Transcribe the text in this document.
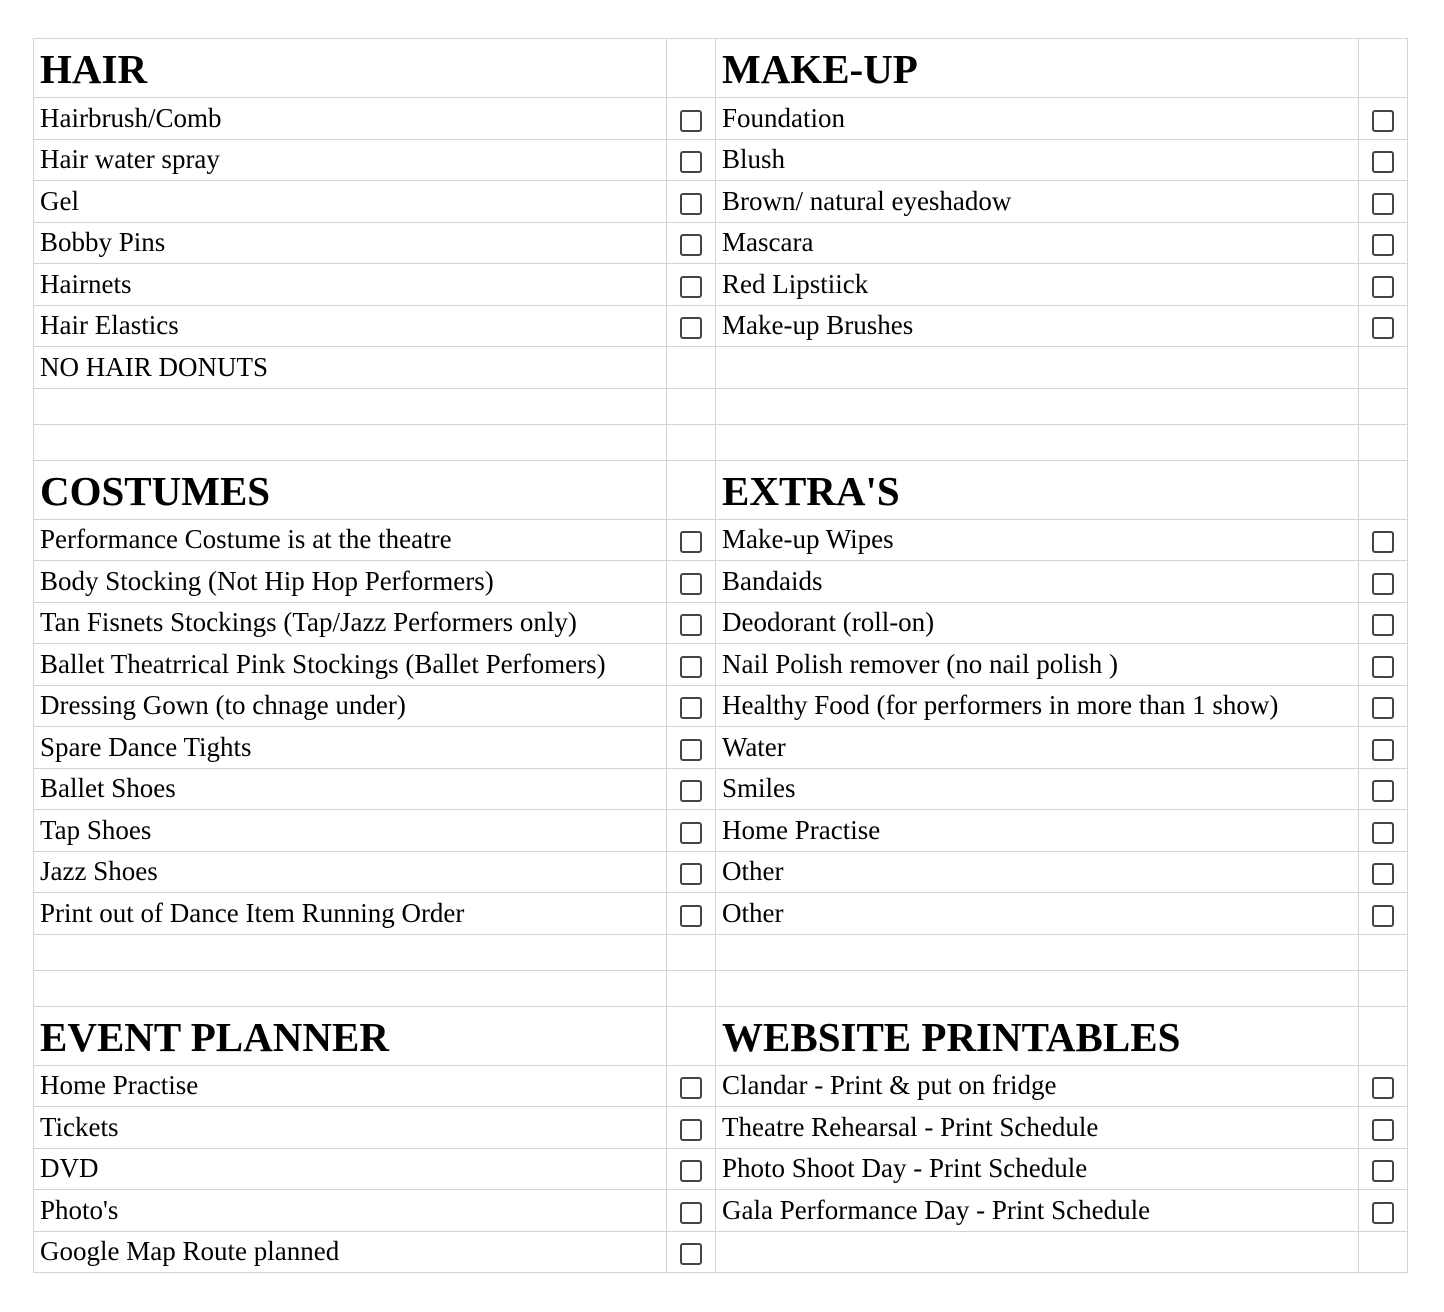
HAIR		MAKE-UP	
Hairbrush/Comb		Foundation	
Hair water spray		Blush	
Gel		Brown/ natural eyeshadow	
Bobby Pins		Mascara	
Hairnets		Red Lipstiick	
Hair Elastics		Make-up Brushes	
NO HAIR DONUTS			

COSTUMES		EXTRA'S	
Performance Costume is at the theatre		Make-up Wipes	
Body Stocking (Not Hip Hop Performers)		Bandaids	
Tan Fisnets Stockings (Tap/Jazz Performers only)		Deodorant (roll-on)	
Ballet Theatrrical Pink Stockings (Ballet Perfomers)		Nail Polish remover (no nail polish )	
Dressing Gown (to chnage under)		Healthy Food (for performers in more than 1 show)	
Spare Dance Tights		Water	
Ballet Shoes		Smiles	
Tap Shoes		Home Practise	
Jazz Shoes		Other	
Print out of Dance Item Running Order		Other	

EVENT PLANNER		WEBSITE PRINTABLES	
Home Practise		Clandar - Print & put on fridge	
Tickets		Theatre Rehearsal - Print Schedule	
DVD		Photo Shoot Day - Print Schedule	
Photo's		Gala Performance Day - Print Schedule	
Google Map Route planned			
